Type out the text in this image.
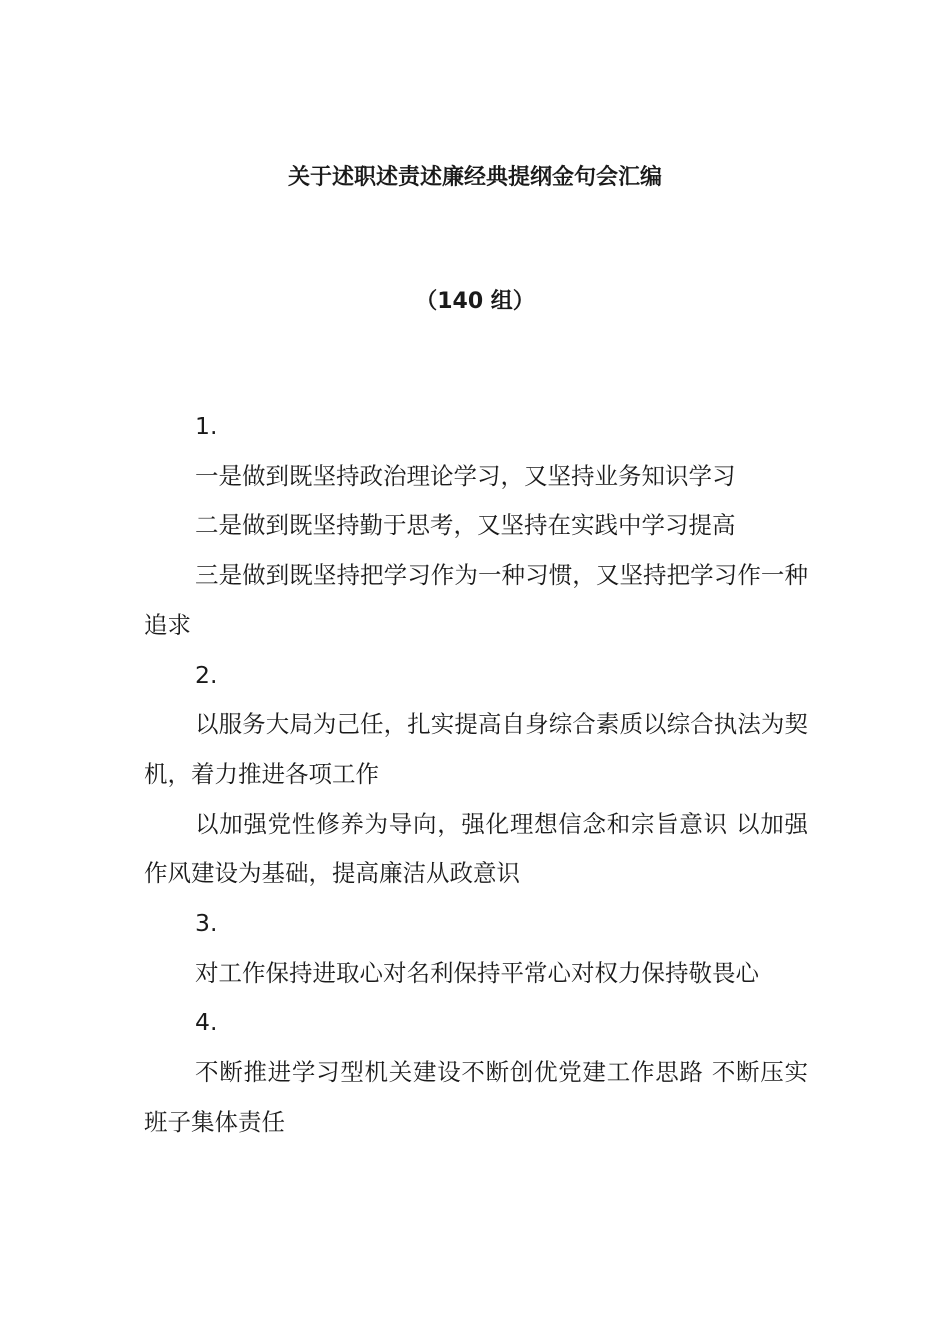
关于述职述责述廉经典提纲金句会汇编
（140 组）

1.

一是做到既坚持政治理论学习，又坚持业务知识学习

二是做到既坚持勤于思考，又坚持在实践中学习提高

三是做到既坚持把学习作为一种习惯，又坚持把学习作一种 追求

2.

以服务大局为己任，扎实提高自身综合素质以综合执法为契机，着力推进各项工作

以加强党性修养为导向，强化理想信念和宗旨意识 以加强作风建设为基础，提高廉洁从政意识

3.

对工作保持进取心对名利保持平常心对权力保持敬畏心

4.

不断推进学习型机关建设不断创优党建工作思路 不断压实班子集体责任
